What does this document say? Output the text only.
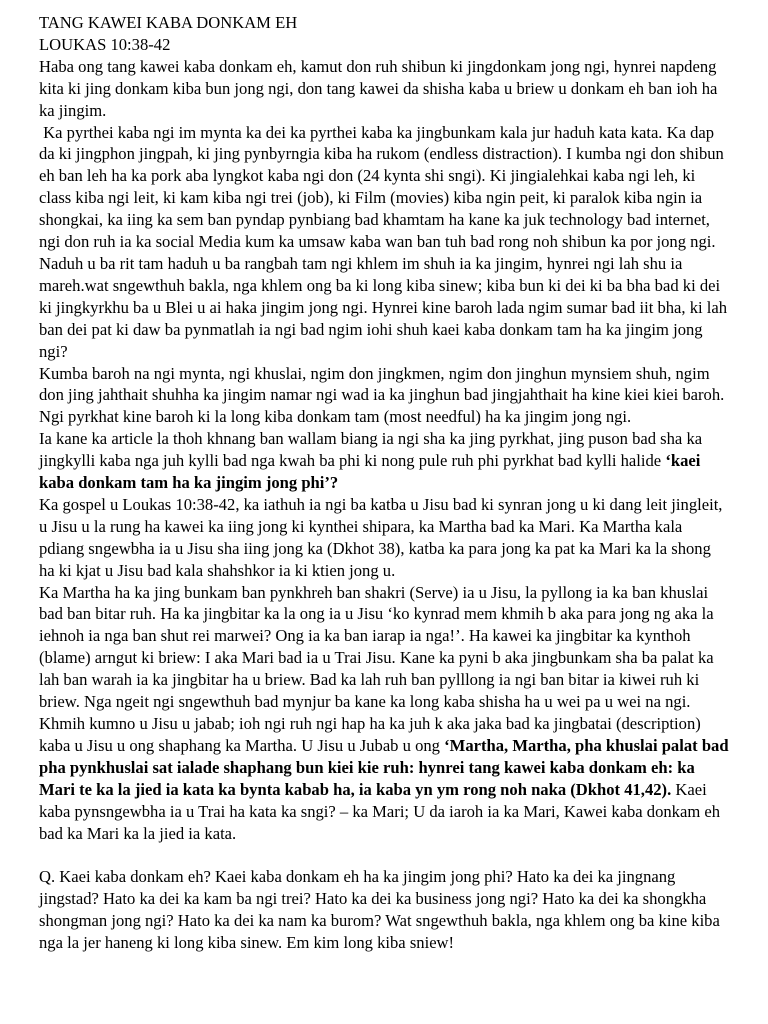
TANG KAWEI KABA DONKAM EH

LOUKAS 10:38-42

Haba ong tang kawei kaba donkam eh, kamut don ruh shibun ki jingdonkam jong ngi, hynrei napdeng kita ki jing donkam kiba bun jong ngi, don tang kawei da shisha kaba u briew u donkam eh ban ioh ha ka jingim.

Ka pyrthei kaba ngi im mynta ka dei ka pyrthei kaba ka jingbunkam kala jur haduh kata kata. Ka dap da ki jingphon jingpah, ki jing pynbyrngia kiba ha rukom (endless distraction). I kumba ngi don shibun eh ban leh ha ka pork aba lyngkot kaba ngi don (24 kynta shi sngi). Ki jingialehkai kaba ngi leh, ki class kiba ngi leit, ki kam kiba ngi trei (job), ki Film (movies) kiba ngin peit, ki paralok kiba ngin ia shongkai, ka iing ka sem ban pyndap pynbiang bad khamtam ha kane ka juk technology bad internet, ngi don ruh ia ka social Media kum ka umsaw kaba wan ban tuh bad rong noh shibun ka por jong ngi. Naduh u ba rit tam haduh u ba rangbah tam ngi khlem im shuh ia ka jingim, hynrei ngi lah shu ia mareh.wat sngewthuh bakla, nga khlem ong ba ki long kiba sinew; kiba bun ki dei ki ba bha bad ki dei ki jingkyrkhu ba u Blei u ai haka jingim jong ngi. Hynrei kine baroh lada ngim sumar bad iit bha, ki lah ban dei pat ki daw ba pynmatlah ia ngi bad ngim iohi shuh kaei kaba donkam tam ha ka jingim jong ngi?

Kumba baroh na ngi mynta, ngi khuslai, ngim don jingkmen, ngim don jinghun mynsiem shuh, ngim don jing jahthait shuhha ka jingim namar ngi wad ia ka jinghun bad jingjahthait ha kine kiei kiei baroh. Ngi pyrkhat kine baroh ki la long kiba donkam tam (most needful) ha ka jingim jong ngi.

Ia kane ka article la thoh khnang ban wallam biang ia ngi sha ka jing pyrkhat, jing puson bad sha ka jingkylli kaba nga juh kylli bad nga kwah ba phi ki nong pule ruh phi pyrkhat bad kylli halide ‘kaei kaba donkam tam ha ka jingim jong phi’?

Ka gospel u Loukas 10:38-42, ka iathuh ia ngi ba katba u Jisu bad ki synran jong u ki dang leit jingleit, u Jisu u la rung ha kawei ka iing jong ki kynthei shipara, ka Martha bad ka Mari. Ka Martha kala pdiang sngewbha ia u Jisu sha iing jong ka (Dkhot 38), katba ka para jong ka pat ka Mari ka la shong ha ki kjat u Jisu bad kala shahshkor ia ki ktien jong u.

Ka Martha ha ka jing bunkam ban pynkhreh ban shakri (Serve) ia u Jisu, la pyllong ia ka ban khuslai bad ban bitar ruh. Ha ka jingbitar ka la ong ia u Jisu ‘ko kynrad mem khmih b aka para jong ng aka la iehnoh ia nga ban shut rei marwei? Ong ia ka ban iarap ia nga!’. Ha kawei ka jingbitar ka kynthoh (blame) arngut ki briew: I aka Mari bad ia u Trai Jisu. Kane ka pyni b aka jingbunkam sha ba palat ka lah ban warah ia ka jingbitar ha u briew. Bad ka lah ruh ban pylllong ia ngi ban bitar ia kiwei ruh ki briew. Nga ngeit ngi sngewthuh bad mynjur ba kane ka long kaba shisha ha u wei pa u wei na ngi.

Khmih kumno u Jisu u jabab; ioh ngi ruh ngi hap ha ka juh k aka jaka bad ka jingbatai (description) kaba u Jisu u ong shaphang ka Martha. U Jisu u Jubab u ong ‘Martha, Martha, pha khuslai palat bad pha pynkhuslai sat ialade shaphang bun kiei kie ruh: hynrei tang kawei kaba donkam eh: ka Mari te ka la jied ia kata ka bynta kabab ha, ia kaba yn ym rong noh naka (Dkhot 41,42). Kaei kaba pynsngewbha ia u Trai ha kata ka sngi? – ka Mari; U da iaroh ia ka Mari, Kawei kaba donkam eh bad ka Mari ka la jied ia kata.

Q. Kaei kaba donkam eh? Kaei kaba donkam eh ha ka jingim jong phi? Hato ka dei ka jingnang jingstad? Hato ka dei ka kam ba ngi trei? Hato ka dei ka business jong ngi? Hato ka dei ka shongkha shongman jong ngi? Hato ka dei ka nam ka burom? Wat sngewthuh bakla, nga khlem ong ba kine kiba nga la jer haneng ki long kiba sinew. Em kim long kiba sniew!
